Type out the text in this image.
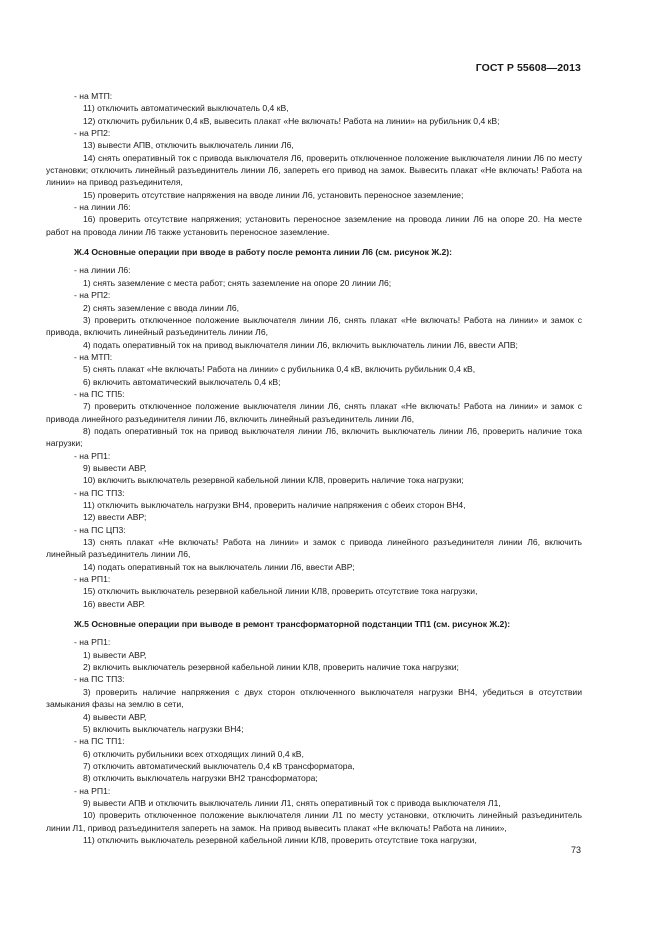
ГОСТ Р 55608—2013

- на МТП:

11) отключить автоматический выключатель 0,4 кВ,

12) отключить рубильник 0,4 кВ, вывесить плакат «Не включать! Работа на линии» на рубильник 0,4 кВ;

- на РП2:

13) вывести АПВ, отключить выключатель линии Л6,

14) снять оперативный ток с привода выключателя Л6, проверить отключенное положение выключателя линии Л6 по месту установки; отключить линейный разъединитель линии Л6, запереть его привод на замок. Вывесить плакат «Не включать! Работа на линии» на привод разъединителя,

15) проверить отсутствие напряжения на вводе линии Л6, установить переносное заземление;

- на линии Л6:

16) проверить отсутствие напряжения; установить переносное заземление на провода линии Л6 на опоре 20. На месте работ на провода линии Л6 также установить переносное заземление.

Ж.4 Основные операции при вводе в работу после ремонта линии Л6 (см. рисунок Ж.2):

- на линии Л6:

1) снять заземление с места работ; снять заземление на опоре 20 линии Л6;

- на РП2:

2) снять заземление с ввода линии Л6,

3) проверить отключенное положение выключателя линии Л6, снять плакат «Не включать! Работа на линии» и замок с привода, включить линейный разъединитель линии Л6,

4) подать оперативный ток на привод выключателя линии Л6, включить выключатель линии Л6, ввести АПВ;

- на МТП:

5) снять плакат «Не включать! Работа на линии» с рубильника 0,4 кВ, включить рубильник 0,4 кВ,

6) включить автоматический выключатель 0,4 кВ;

- на ПС ТП5:

7) проверить отключенное положение выключателя линии Л6, снять плакат «Не включать! Работа на линии» и замок с привода линейного разъединителя линии Л6, включить линейный разъединитель линии Л6,

8) подать оперативный ток на привод выключателя линии Л6, включить выключатель линии Л6, проверить наличие тока нагрузки;

- на РП1:

9) вывести АВР,

10) включить выключатель резервной кабельной линии КЛ8, проверить наличие тока нагрузки;

- на ПС ТП3:

11) отключить выключатель нагрузки ВН4, проверить наличие напряжения с обеих сторон ВН4,

12) ввести АВР;

- на ПС ЦП3:

13) снять плакат «Не включать! Работа на линии» и замок с привода линейного разъединителя линии Л6, включить линейный разъединитель линии Л6,

14) подать оперативный ток на выключатель линии Л6, ввести АВР;

- на РП1:

15) отключить выключатель резервной кабельной линии КЛ8, проверить отсутствие тока нагрузки,

16) ввести АВР.

Ж.5 Основные операции при выводе в ремонт трансформаторной подстанции ТП1 (см. рисунок Ж.2):

- на РП1:

1) вывести АВР,

2) включить выключатель резервной кабельной линии КЛ8, проверить наличие тока нагрузки;

- на ПС ТП3:

3) проверить наличие напряжения с двух сторон отключенного выключателя нагрузки ВН4, убедиться в отсутствии замыкания фазы на землю в сети,

4) вывести АВР,

5) включить выключатель нагрузки ВН4;

- на ПС ТП1:

6) отключить рубильники всех отходящих линий 0,4 кВ,

7) отключить автоматический выключатель 0,4 кВ трансформатора,

8) отключить выключатель нагрузки ВН2 трансформатора;

- на РП1:

9) вывести АПВ и отключить выключатель линии Л1, снять оперативный ток с привода выключателя Л1,

10) проверить отключенное положение выключателя линии Л1 по месту установки, отключить линейный разъединитель линии Л1, привод разъединителя запереть на замок. На привод вывесить плакат «Не включать! Работа на линии»,

11) отключить выключатель резервной кабельной линии КЛ8, проверить отсутствие тока нагрузки,

73
